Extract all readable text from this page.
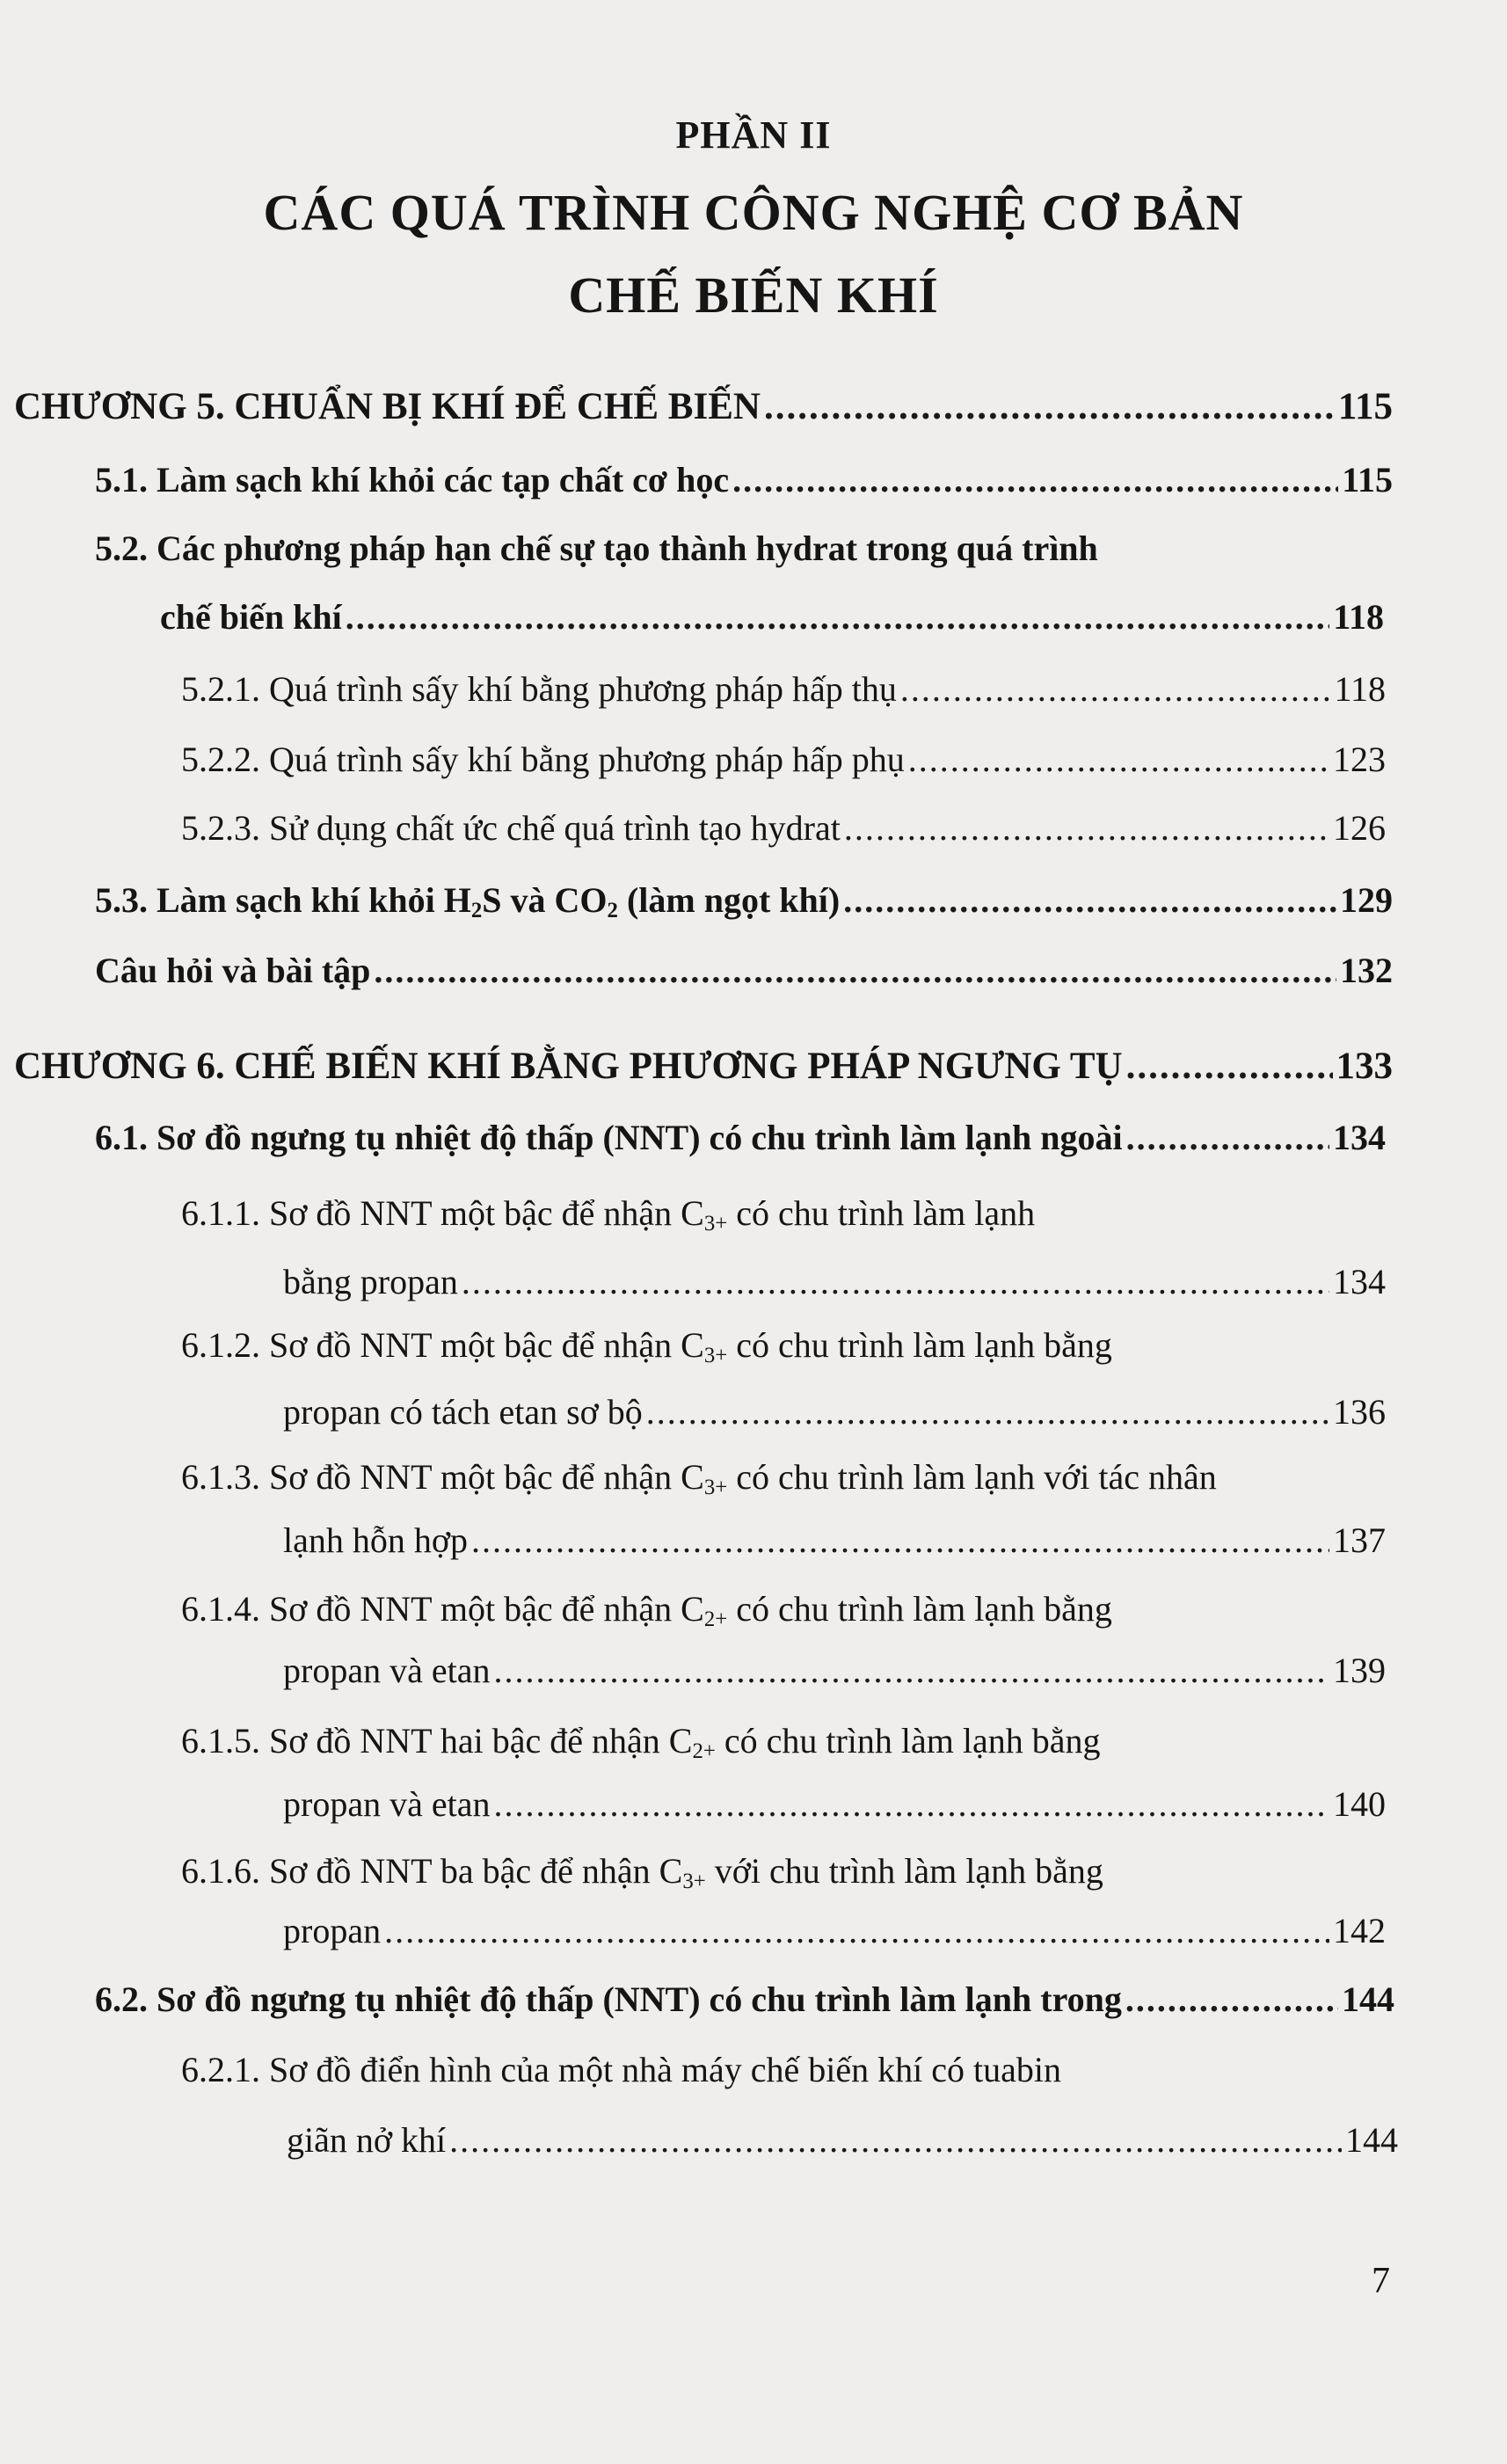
PHẦN II
CÁC QUÁ TRÌNH CÔNG NGHỆ CƠ BẢN
CHẾ BIẾN KHÍ
CHƯƠNG 5. CHUẨN BỊ KHÍ ĐỂ CHẾ BIẾN .....	115
5.1. Làm sạch khí khỏi các tạp chất cơ học .....	115
5.2. Các phương pháp hạn chế sự tạo thành hydrat trong quá trình
chế biến khí .....	118
5.2.1. Quá trình sấy khí bằng phương pháp hấp thụ .....	118
5.2.2. Quá trình sấy khí bằng phương pháp hấp phụ .....	123
5.2.3. Sử dụng chất ức chế quá trình tạo hydrat .....	126
5.3. Làm sạch khí khỏi $H_2S$ và $CO_2$ (làm ngọt khí) .....	129
Câu hỏi và bài tập .....	132
CHƯƠNG 6. CHẾ BIẾN KHÍ BẰNG PHƯƠNG PHÁP NGƯNG TỤ .....	133
6.1. Sơ đồ ngưng tụ nhiệt độ thấp (NNT) có chu trình làm lạnh ngoài .....	134
6.1.1. Sơ đồ NNT một bậc để nhận $C_{3+}$ có chu trình làm lạnh
bằng propan .....	134
6.1.2. Sơ đồ NNT một bậc để nhận $C_{3+}$ có chu trình làm lạnh bằng
propan có tách etan sơ bộ .....	136
6.1.3. Sơ đồ NNT một bậc để nhận $C_{3+}$ có chu trình làm lạnh với tác nhân
lạnh hỗn hợp .....	137
6.1.4. Sơ đồ NNT một bậc để nhận $C_{2+}$ có chu trình làm lạnh bằng
propan và etan .....	139
6.1.5. Sơ đồ NNT hai bậc để nhận $C_{2+}$ có chu trình làm lạnh bằng
propan và etan .....	140
6.1.6. Sơ đồ NNT ba bậc để nhận $C_{3+}$ với chu trình làm lạnh bằng
propan .....	142
6.2. Sơ đồ ngưng tụ nhiệt độ thấp (NNT) có chu trình làm lạnh trong .....	144
6.2.1. Sơ đồ điển hình của một nhà máy chế biến khí có tuabin
giãn nở khí .....	144
7
